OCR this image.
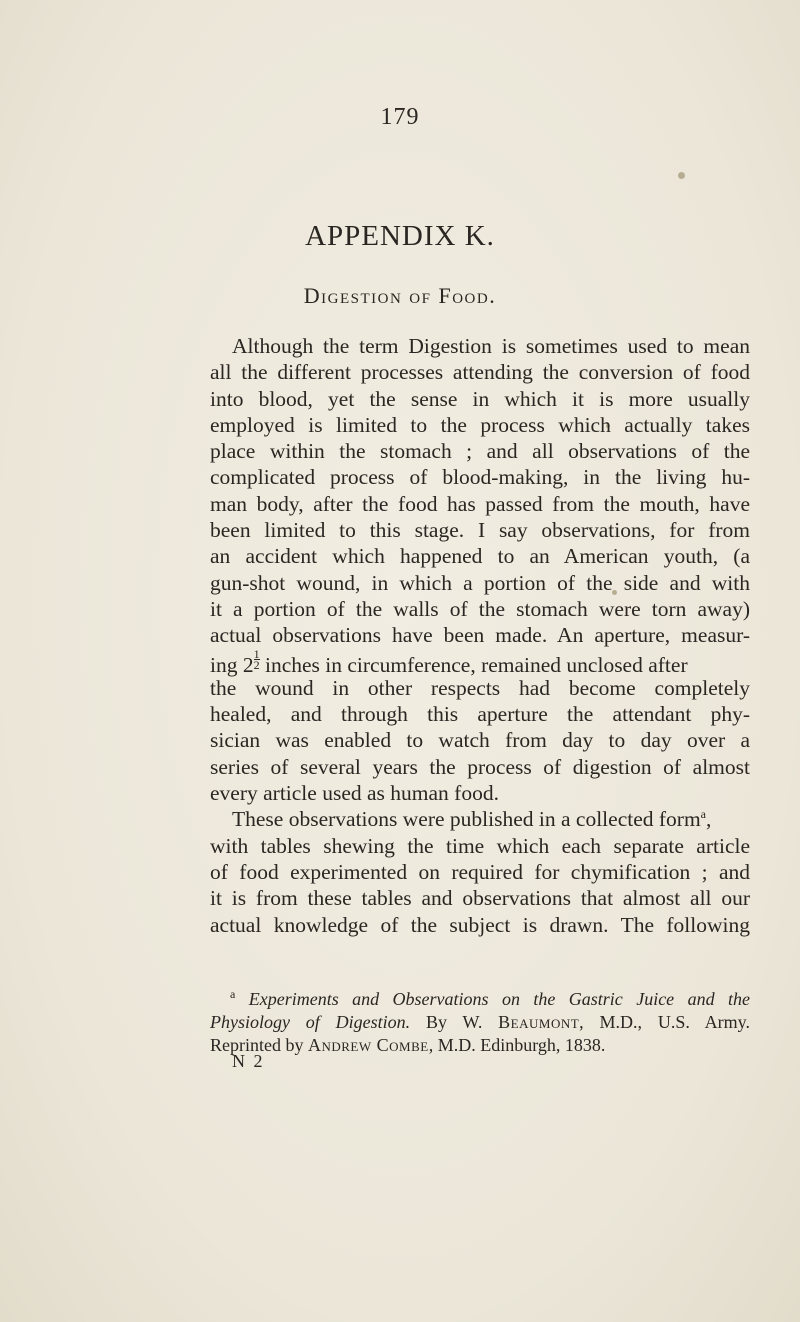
179
APPENDIX K.
Digestion of Food.
Although the term Digestion is sometimes used to mean
all the different processes attending the conversion of food
into blood, yet the sense in which it is more usually
employed is limited to the process which actually takes
place within the stomach ; and all observations of the
complicated process of blood-making, in the living hu-
man body, after the food has passed from the mouth, have
been limited to this stage. I say observations, for from
an accident which happened to an American youth, (a
gun-shot wound, in which a portion of the side and with
it a portion of the walls of the stomach were torn away)
actual observations have been made. An aperture, measur-
ing $2 \frac{1}{2}$ inches in circumference, remained unclosed after
the wound in other respects had become completely
healed, and through this aperture the attendant phy-
sician was enabled to watch from day to day over a
series of several years the process of digestion of almost
every article used as human food.
These observations were published in a collected form$^a$,
with tables shewing the time which each separate article
of food experimented on required for chymification ; and
it is from these tables and observations that almost all our
actual knowledge of the subject is drawn. The following
$^a$ Experiments and Observations on the Gastric Juice and the
Physiology of Digestion. By W. Beaumont, M.D., U.S. Army.
Reprinted by Andrew Combe, M.D. Edinburgh, 1838.
N 2
